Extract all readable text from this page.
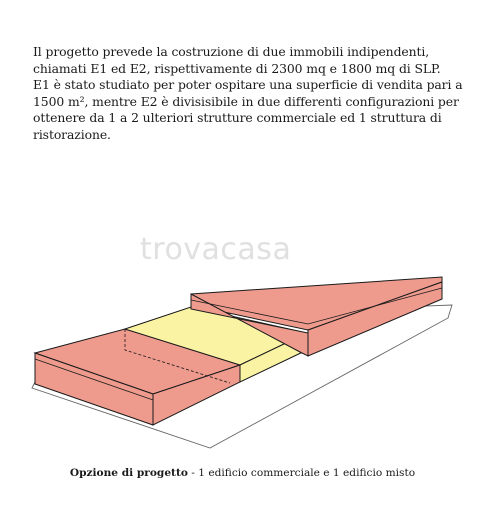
Il progetto prevede la costruzione di due immobili indipendenti, chiamati E1 ed E2, rispettivamente di 2300 mq e 1800 mq di SLP.

E1 è stato studiato per poter ospitare una superficie di vendita pari a 1500 m², mentre E2 è divisisibile in due differenti configurazioni per ottenere da 1 a 2 ulteriori strutture commerciale ed 1 struttura di ristorazione.

trovacasa
Opzione di progetto - 1 edificio commerciale e 1 edificio misto
